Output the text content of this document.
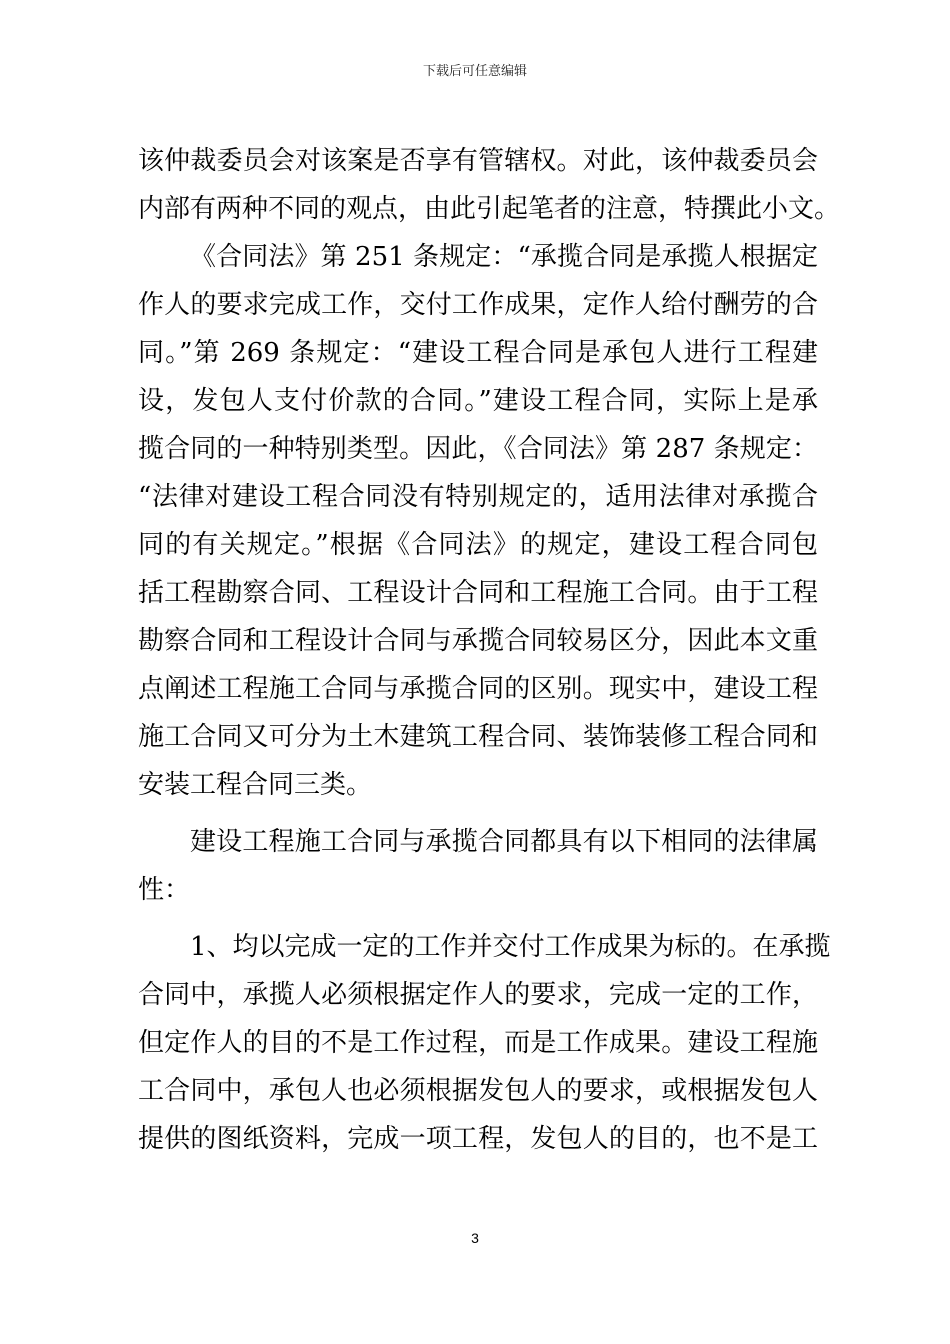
下载后可任意编辑
该仲裁委员会对该案是否享有管辖权。对此，该仲裁委员会
内部有两种不同的观点，由此引起笔者的注意，特撰此小文。
《合同法》第 251 条规定：“承揽合同是承揽人根据定
作人的要求完成工作，交付工作成果，定作人给付酬劳的合
同。”第 269 条规定：“建设工程合同是承包人进行工程建
设，发包人支付价款的合同。”建设工程合同，实际上是承
揽合同的一种特别类型。因此，《合同法》第 287 条规定：
“法律对建设工程合同没有特别规定的，适用法律对承揽合
同的有关规定。”根据《合同法》的规定，建设工程合同包
括工程勘察合同、工程设计合同和工程施工合同。由于工程
勘察合同和工程设计合同与承揽合同较易区分，因此本文重
点阐述工程施工合同与承揽合同的区别。现实中，建设工程
施工合同又可分为土木建筑工程合同、装饰装修工程合同和
安装工程合同三类。
建设工程施工合同与承揽合同都具有以下相同的法律属
性：
1、均以完成一定的工作并交付工作成果为标的。在承揽
合同中，承揽人必须根据定作人的要求，完成一定的工作，
但定作人的目的不是工作过程，而是工作成果。建设工程施
工合同中，承包人也必须根据发包人的要求，或根据发包人
提供的图纸资料，完成一项工程，发包人的目的，也不是工
3
